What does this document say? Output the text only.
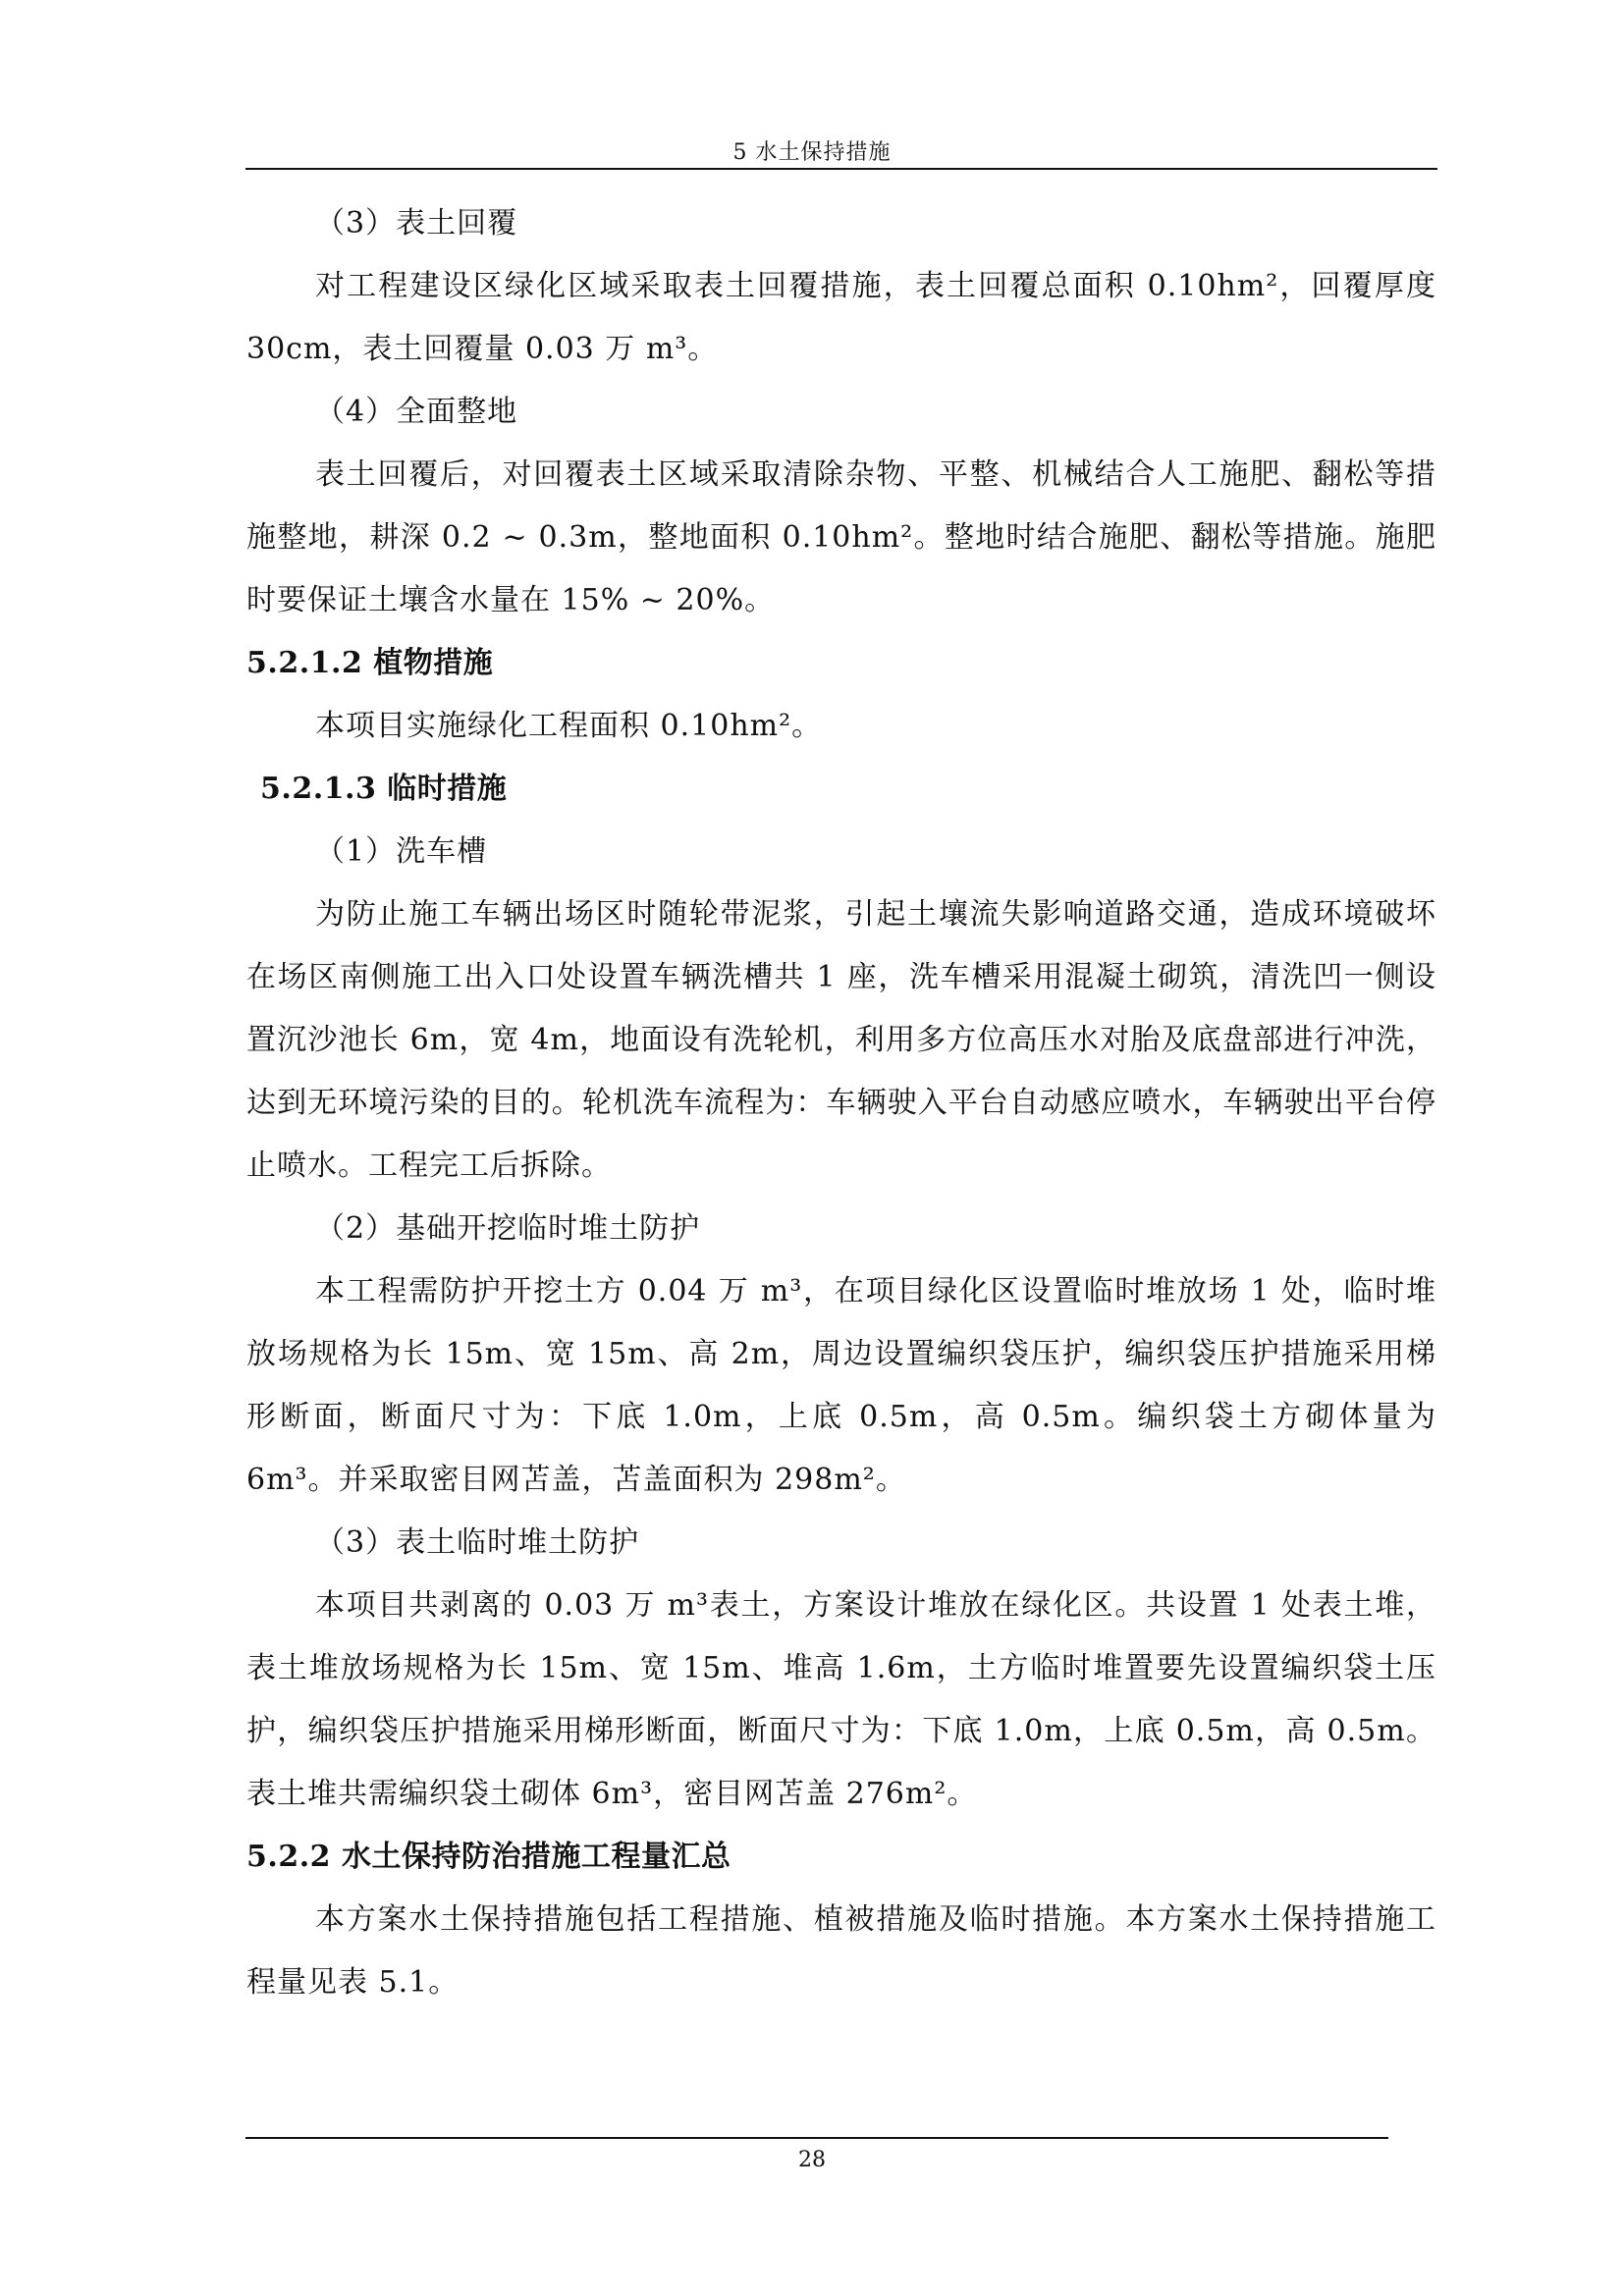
5 水土保持措施

（3）表土回覆

对工程建设区绿化区域采取表土回覆措施，表土回覆总面积 0.10hm²，回覆厚度 30cm，表土回覆量 0.03 万 m³。

（4）全面整地

表土回覆后，对回覆表土区域采取清除杂物、平整、机械结合人工施肥、翻松等措施整地，耕深 0.2 ~ 0.3m，整地面积 0.10hm²。整地时结合施肥、翻松等措施。施肥时要保证土壤含水量在 15% ~ 20%。

5.2.1.2 植物措施

本项目实施绿化工程面积 0.10hm²。

5.2.1.3 临时措施

（1）洗车槽

为防止施工车辆出场区时随轮带泥浆，引起土壤流失影响道路交通，造成环境破坏在场区南侧施工出入口处设置车辆洗槽共 1 座，洗车槽采用混凝土砌筑，清洗凹一侧设置沉沙池长 6m，宽 4m，地面设有洗轮机，利用多方位高压水对胎及底盘部进行冲洗，达到无环境污染的目的。轮机洗车流程为：车辆驶入平台自动感应喷水，车辆驶出平台停止喷水。工程完工后拆除。

（2）基础开挖临时堆土防护

本工程需防护开挖土方 0.04 万 m³，在项目绿化区设置临时堆放场 1 处，临时堆放场规格为长 15m、宽 15m、高 2m，周边设置编织袋压护，编织袋压护措施采用梯形断面，断面尺寸为：下底 1.0m，上底 0.5m，高 0.5m。编织袋土方砌体量为 6m³。并采取密目网苫盖，苫盖面积为 298m²。

（3）表土临时堆土防护

本项目共剥离的 0.03 万 m³表土，方案设计堆放在绿化区。共设置 1 处表土堆，表土堆放场规格为长 15m、宽 15m、堆高 1.6m，土方临时堆置要先设置编织袋土压护，编织袋压护措施采用梯形断面，断面尺寸为：下底 1.0m，上底 0.5m，高 0.5m。表土堆共需编织袋土砌体 6m³，密目网苫盖 276m²。

5.2.2 水土保持防治措施工程量汇总

本方案水土保持措施包括工程措施、植被措施及临时措施。本方案水土保持措施工程量见表 5.1。

28
